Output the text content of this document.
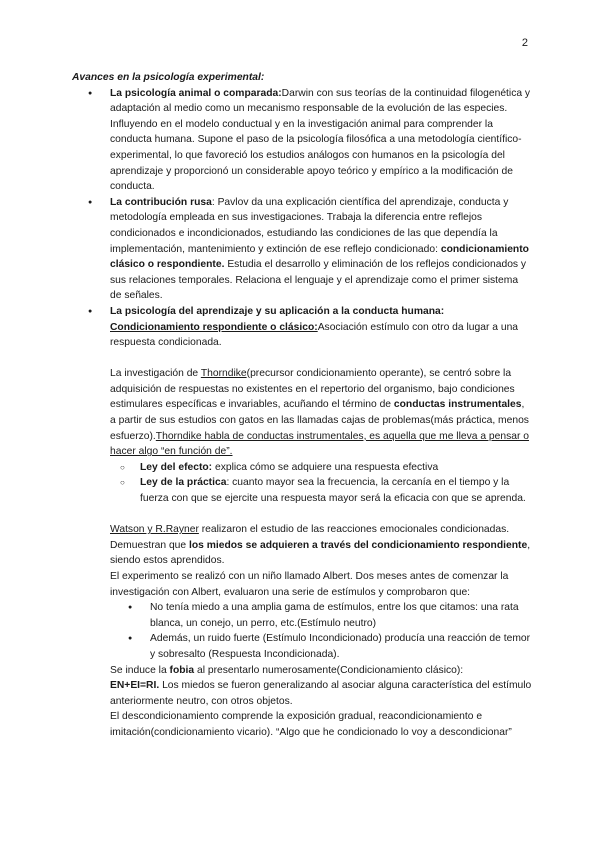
2

Avances en la psicología experimental:

● La psicología animal o comparada:Darwin con sus teorías de la continuidad filogenética y adaptación al medio como un mecanismo responsable de la evolución de las especies. Influyendo en el modelo conductual y en la investigación animal para comprender la conducta humana. Supone el paso de la psicología filosófica a una metodología científico-experimental, lo que favoreció los estudios análogos con humanos en la psicología del aprendizaje y proporcionó un considerable apoyo teórico y empírico a la modificación de conducta.
● La contribución rusa: Pavlov da una explicación científica del aprendizaje, conducta y metodología empleada en sus investigaciones. Trabaja la diferencia entre reflejos condicionados e incondicionados, estudiando las condiciones de las que dependía la implementación, mantenimiento y extinción de ese reflejo condicionado: condicionamiento clásico o respondiente. Estudia el desarrollo y eliminación de los reflejos condicionados y sus relaciones temporales. Relaciona el lenguaje y el aprendizaje como el primer sistema de señales.
● La psicología del aprendizaje y su aplicación a la conducta humana: Condicionamiento respondiente o clásico:Asociación estímulo con otro da lugar a una respuesta condicionada.

La investigación de Thorndike(precursor condicionamiento operante), se centró sobre la adquisición de respuestas no existentes en el repertorio del organismo, bajo condiciones estimulares específicas e invariables, acuñando el término de conductas instrumentales, a partir de sus estudios con gatos en las llamadas cajas de problemas(más práctica, menos esfuerzo).Thorndike habla de conductas instrumentales, es aquella que me lleva a pensar o hacer algo “en función de”.

○ Ley del efecto: explica cómo se adquiere una respuesta efectiva
○ Ley de la práctica: cuanto mayor sea la frecuencia, la cercanía en el tiempo y la fuerza con que se ejercite una respuesta mayor será la eficacia con que se aprenda.

Watson y R.Rayner realizaron el estudio de las reacciones emocionales condicionadas. Demuestran que los miedos se adquieren a través del condicionamiento respondiente, siendo estos aprendidos.

El experimento se realizó con un niño llamado Albert. Dos meses antes de comenzar la investigación con Albert, evaluaron una serie de estímulos y comprobaron que:

● No tenía miedo a una amplia gama de estímulos, entre los que citamos: una rata blanca, un conejo, un perro, etc.(Estímulo neutro)
● Además, un ruido fuerte (Estímulo Incondicionado) producía una reacción de temor y sobresalto (Respuesta Incondicionada).

Se induce la fobia al presentarlo numerosamente(Condicionamiento clásico):

EN+EI=RI. Los miedos se fueron generalizando al asociar alguna característica del estímulo anteriormente neutro, con otros objetos.

El descondicionamiento comprende la exposición gradual, reacondicionamiento e imitación(condicionamiento vicario). “Algo que he condicionado lo voy a descondicionar”
